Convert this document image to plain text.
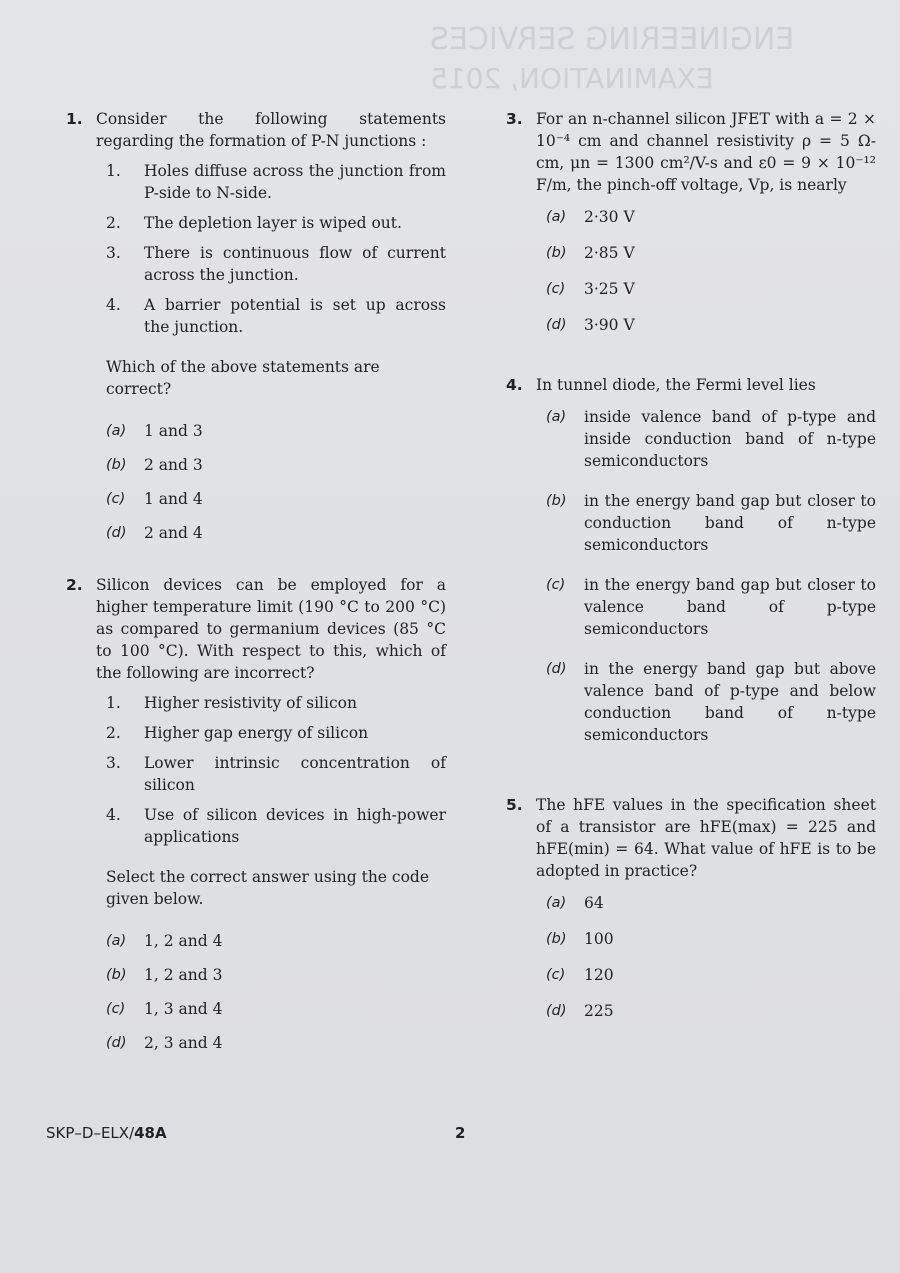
ENGINEERING SERVICES
EXAMINATION, 2015
1. Consider the following statements regarding the formation of P-N junctions :
1.	Holes diffuse across the junction from P-side to N-side.
2.	The depletion layer is wiped out.
3.	There is continuous flow of current across the junction.
4.	A barrier potential is set up across the junction.
Which of the above statements are correct?
(a)	1 and 3
(b)	2 and 3
(c)	1 and 4
(d)	2 and 4
2. Silicon devices can be employed for a higher temperature limit (190 °C to 200 °C) as compared to germanium devices (85 °C to 100 °C). With respect to this, which of the following are incorrect?
1.	Higher resistivity of silicon
2.	Higher gap energy of silicon
3.	Lower intrinsic concentration of silicon
4.	Use of silicon devices in high-power applications
Select the correct answer using the code given below.
(a)	1, 2 and 4
(b)	1, 2 and 3
(c)	1, 3 and 4
(d)	2, 3 and 4
3. For an n-channel silicon JFET with a = 2 × 10⁻⁴ cm and channel resistivity ρ = 5 Ω-cm, μn = 1300 cm²/V-s and ε0 = 9 × 10⁻¹² F/m, the pinch-off voltage, Vp, is nearly
(a)	2·30 V
(b)	2·85 V
(c)	3·25 V
(d)	3·90 V
4. In tunnel diode, the Fermi level lies
(a)	inside valence band of p-type and inside conduction band of n-type semiconductors
(b)	in the energy band gap but closer to conduction band of n-type semiconductors
(c)	in the energy band gap but closer to valence band of p-type semiconductors
(d)	in the energy band gap but above valence band of p-type and below conduction band of n-type semiconductors
5. The hFE values in the specification sheet of a transistor are hFE(max) = 225 and hFE(min) = 64. What value of hFE is to be adopted in practice?
(a)	64
(b)	100
(c)	120
(d)	225
SKP–D–ELX/48A	2
